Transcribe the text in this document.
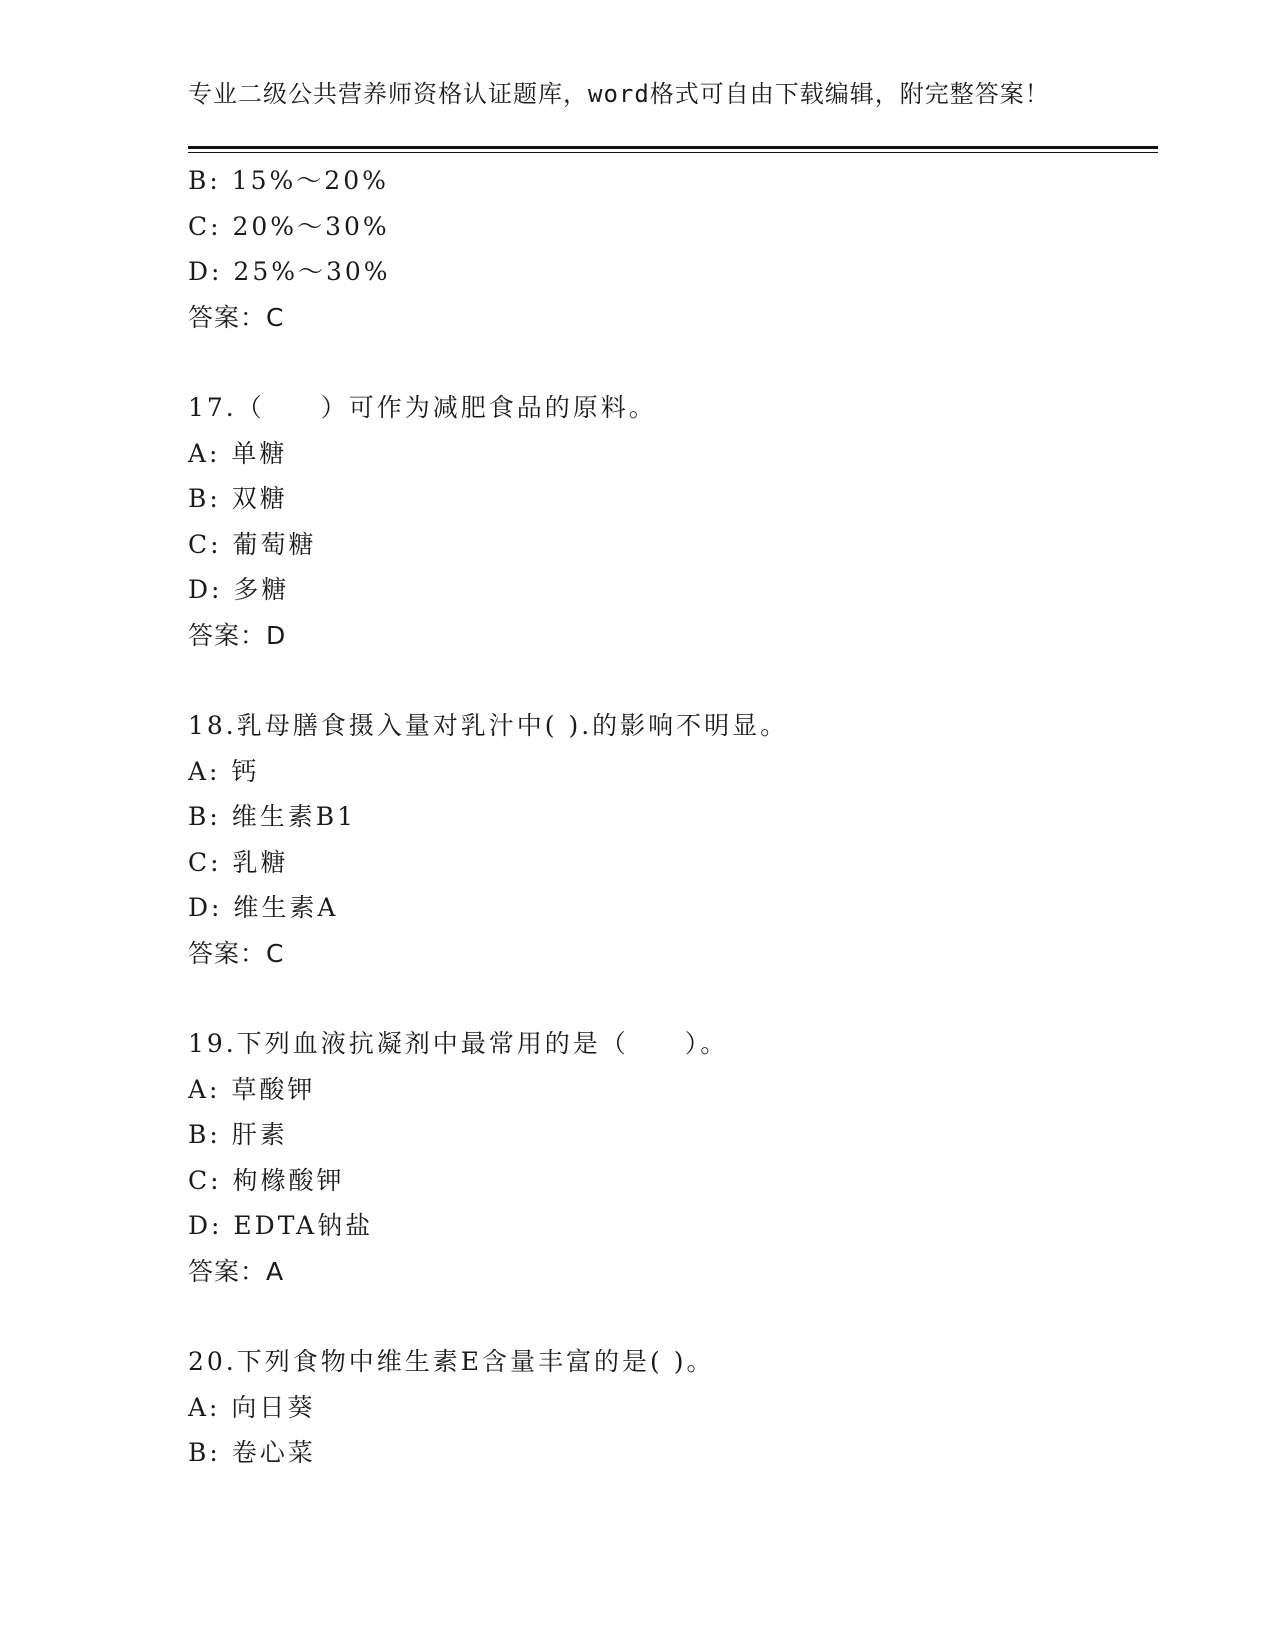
专业二级公共营养师资格认证题库，word格式可自由下载编辑，附完整答案！
B: 15%～20%
C: 20%～30%
D: 25%～30%
答案：C
17.（　　）可作为减肥食品的原料。
A: 单糖
B: 双糖
C: 葡萄糖
D: 多糖
答案：D
18.乳母膳食摄入量对乳汁中( ).的影响不明显。
A: 钙
B: 维生素B1
C: 乳糖
D: 维生素A
答案：C
19.下列血液抗凝剂中最常用的是（　　）。
A: 草酸钾
B: 肝素
C: 枸橼酸钾
D: EDTA钠盐
答案：A
20.下列食物中维生素E含量丰富的是( )。
A: 向日葵
B: 卷心菜
